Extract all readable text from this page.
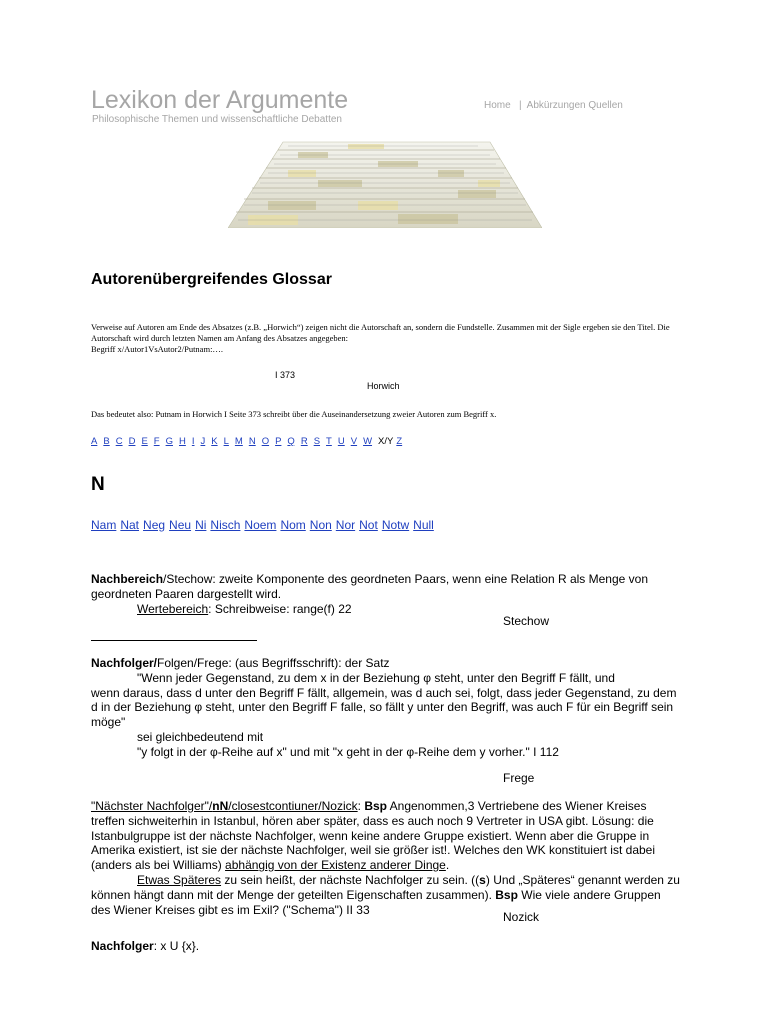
Lexikon der Argumente
Philosophische Themen und wissenschaftliche Debatten
Home | Abkürzungen Quellen
Autorenübergreifendes Glossar
Verweise auf Autoren am Ende des Absatzes (z.B. „Horwich“) zeigen nicht die Autorschaft an, sondern die Fundstelle. Zusammen mit der Sigle ergeben sie den Titel. Die Autorschaft wird durch letzten Namen am Anfang des Absatzes angegeben:
Begriff x/Autor1VsAutor2/Putnam:….
I 373
Horwich
Das bedeutet also: Putnam in Horwich I Seite 373 schreibt über die Auseinandersetzung zweier Autoren zum Begriff x.
A B C D E F G H I J K L M N O P Q R S T U V W X/Y Z
N
Nam Nat Neg Neu Ni Nisch Noem Nom Non Nor Not Notw Null

Nachbereich/Stechow: zweite Komponente des geordneten Paars, wenn eine Relation R als Menge von geordneten Paaren dargestellt wird.

Wertebereich: Schreibweise: range(f) 22

Stechow

Nachfolger/Folgen/Frege: (aus Begriffsschrift): der Satz

"Wenn jeder Gegenstand, zu dem x in der Beziehung φ steht, unter den Begriff F fällt, und

wenn daraus, dass d unter den Begriff F fällt, allgemein, was d auch sei, folgt, dass jeder Gegenstand, zu dem d in der Beziehung φ steht, unter den Begriff F falle, so fällt y unter den Begriff, was auch F für ein Begriff sein möge"

sei gleichbedeutend mit

"y folgt in der φ-Reihe auf x" und mit "x geht in der φ-Reihe dem y vorher." I 112

Frege

"Nächster Nachfolger"/nN/closestcontiuner/Nozick: Bsp Angenommen,3 Vertriebene des Wiener Kreises treffen sichweiterhin in Istanbul, hören aber später, dass es auch noch 9 Vertreter in USA gibt. Lösung: die Istanbulgruppe ist der nächste Nachfolger, wenn keine andere Gruppe existiert. Wenn aber die Gruppe in Amerika existiert, ist sie der nächste Nachfolger, weil sie größer ist!. Welches den WK konstituiert ist dabei (anders als bei Williams) abhängig von der Existenz anderer Dinge.
Etwas Späteres zu sein heißt, der nächste Nachfolger zu sein. ((s) Und „Späteres“ genannt werden zu können hängt dann mit der Menge der geteilten Eigenschaften zusammen). Bsp Wie viele andere Gruppen des Wiener Kreises gibt es im Exil? ("Schema") II 33

Nozick

Nachfolger: x U {x}.
